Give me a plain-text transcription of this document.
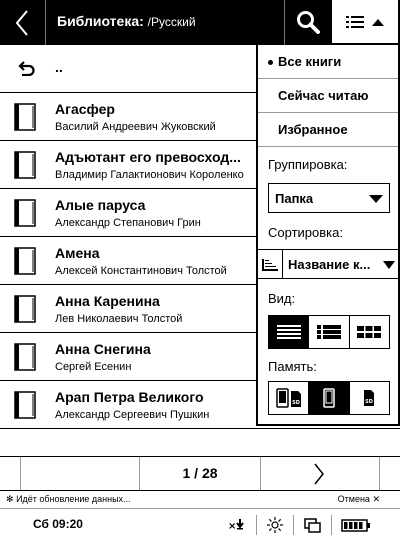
Библиотека: /Русский
..
Агасфер
Василий Андреевич Жуковский
Адъютант его превосход...
Владимир Галактионович Короленко
Алые паруса
Александр Степанович Грин
Амена
Алексей Константинович Толстой
Анна Каренина
Лев Николаевич Толстой
Анна Снегина
Сергей Есенин
Арап Петра Великого
Александр Сергеевич Пушкин
Все книги
Сейчас читаю
Избранное
Группировка:
Папка
Сортировка:
Название к...
Вид:
Память:
SD	SD
1 / 28
✻ Идёт обновление данных...	Отмена ✕
Сб 09:20	×
